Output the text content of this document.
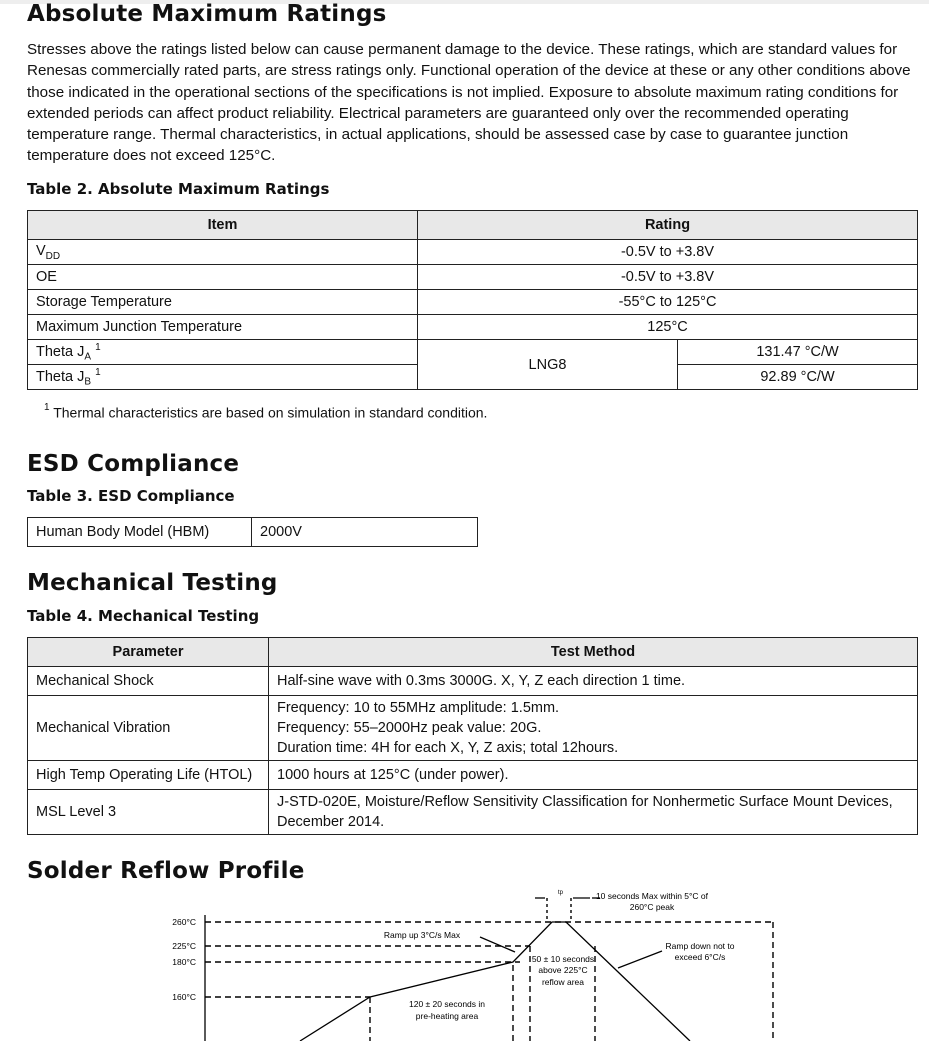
Absolute Maximum Ratings

Stresses above the ratings listed below can cause permanent damage to the device. These ratings, which are standard values for Renesas commercially rated parts, are stress ratings only. Functional operation of the device at these or any other conditions above those indicated in the operational sections of the specifications is not implied. Exposure to absolute maximum rating conditions for extended periods can affect product reliability. Electrical parameters are guaranteed only over the recommended operating temperature range. Thermal characteristics, in actual applications, should be assessed case by case to guarantee junction temperature does not exceed 125°C.

Table 2. Absolute Maximum Ratings
Item	Rating	
$V_{DD}$	-0.5V to +3.8V	
OE	-0.5V to +3.8V	
Storage Temperature	-55°C to 125°C	
Maximum Junction Temperature	125°C	
Theta $J_A$ $^1$	LNG8	131.47 °C/W
Theta $J_B$ $^1$		92.89 °C/W
$^1$ Thermal characteristics are based on simulation in standard condition.
ESD Compliance
Table 3. ESD Compliance
Human Body Model (HBM)	2000V
Mechanical Testing
Table 4. Mechanical Testing
Parameter	Test Method
Mechanical Shock	Half-sine wave with 0.3ms 3000G. X, Y, Z each direction 1 time.

Mechanical Vibration	Frequency: 10 to 55MHz amplitude: 1.5mm.
Frequency: 55–2000Hz peak value: 20G.
Duration time: 4H for each X, Y, Z axis; total 12hours.

High Temp Operating Life (HTOL)	1000 hours at 125°C (under power).

MSL Level 3	J-STD-020E, Moisture/Reflow Sensitivity Classification for Nonhermetic Surface Mount Devices,
December 2014.
Solder Reflow Profile
260°C
225°C
180°C
160°C
tp	10 seconds Max within 5°C of
260°C peak
Ramp up 3°C/s Max
Ramp down not to
exceed 6°C/s
50 ± 10 seconds
above 225°C
reflow area
120 ± 20 seconds in
pre-heating area
